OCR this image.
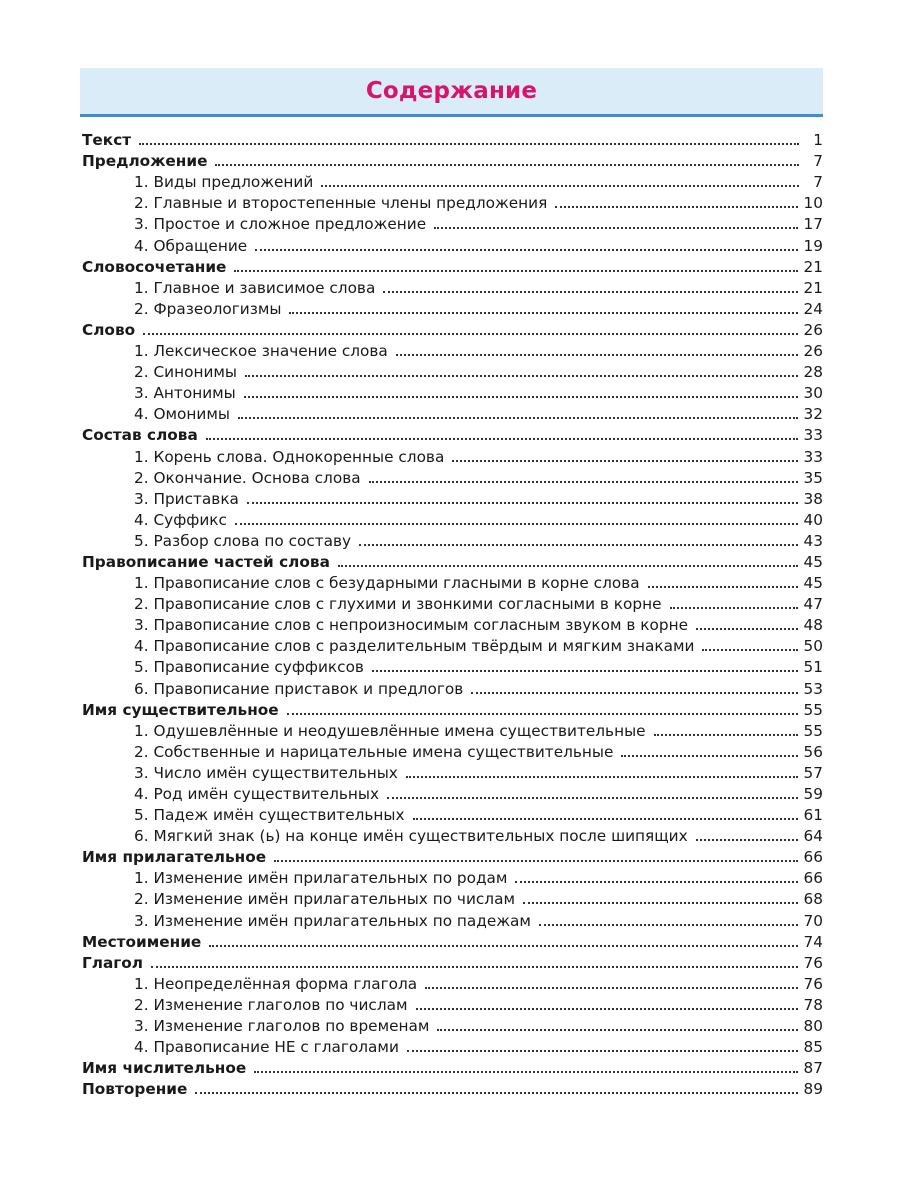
Содержание
Текст	1
Предложение	7
1. Виды предложений	7
2. Главные и второстепенные члены предложения	10
3. Простое и сложное предложение	17
4. Обращение	19
Словосочетание	21
1. Главное и зависимое слова	21
2. Фразеологизмы	24
Слово	26
1. Лексическое значение слова	26
2. Синонимы	28
3. Антонимы	30
4. Омонимы	32
Состав слова	33
1. Корень слова. Однокоренные слова	33
2. Окончание. Основа слова	35
3. Приставка	38
4. Суффикс	40
5. Разбор слова по составу	43
Правописание частей слова	45
1. Правописание слов с безударными гласными в корне слова	45
2. Правописание слов с глухими и звонкими согласными в корне	47
3. Правописание слов с непроизносимым согласным звуком в корне	48
4. Правописание слов с разделительным твёрдым и мягким знаками	50
5. Правописание суффиксов	51
6. Правописание приставок и предлогов	53
Имя существительное	55
1. Одушевлённые и неодушевлённые имена существительные	55
2. Собственные и нарицательные имена существительные	56
3. Число имён существительных	57
4. Род имён существительных	59
5. Падеж имён существительных	61
6. Мягкий знак (ь) на конце имён существительных после шипящих	64
Имя прилагательное	66
1. Изменение имён прилагательных по родам	66
2. Изменение имён прилагательных по числам	68
3. Изменение имён прилагательных по падежам	70
Местоимение	74
Глагол	76
1. Неопределённая форма глагола	76
2. Изменение глаголов по числам	78
3. Изменение глаголов по временам	80
4. Правописание НЕ с глаголами	85
Имя числительное	87
Повторение	89
